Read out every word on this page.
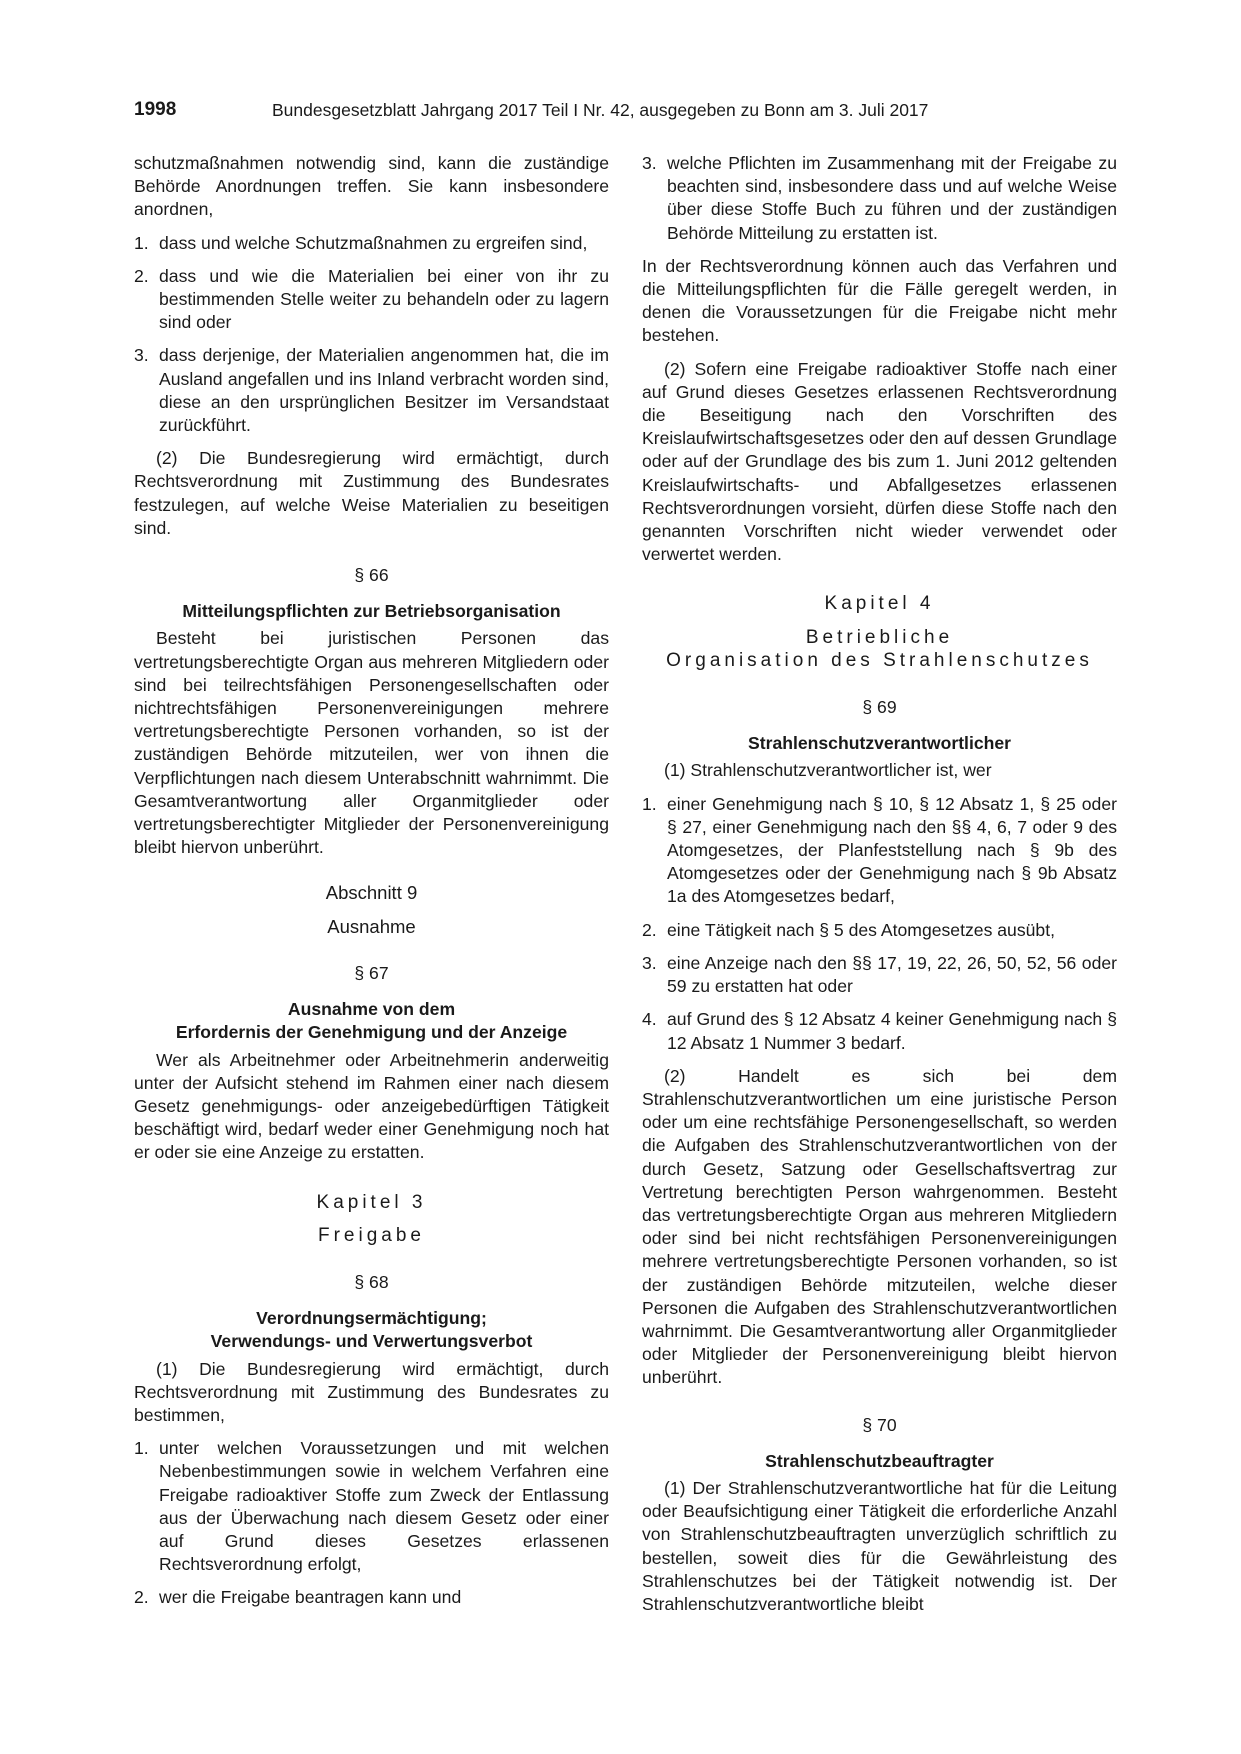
1998	Bundesgesetzblatt Jahrgang 2017 Teil I Nr. 42, ausgegeben zu Bonn am 3. Juli 2017

schutzmaßnahmen notwendig sind, kann die zuständige Behörde Anordnungen treffen. Sie kann insbesondere anordnen,

1. dass und welche Schutzmaßnahmen zu ergreifen sind,
2. dass und wie die Materialien bei einer von ihr zu bestimmenden Stelle weiter zu behandeln oder zu lagern sind oder
3. dass derjenige, der Materialien angenommen hat, die im Ausland angefallen und ins Inland verbracht worden sind, diese an den ursprünglichen Besitzer im Versandstaat zurückführt.

(2) Die Bundesregierung wird ermächtigt, durch Rechtsverordnung mit Zustimmung des Bundesrates festzulegen, auf welche Weise Materialien zu beseitigen sind.

§ 66
Mitteilungspflichten zur Betriebsorganisation

Besteht bei juristischen Personen das vertretungsberechtigte Organ aus mehreren Mitgliedern oder sind bei teilrechtsfähigen Personengesellschaften oder nichtrechtsfähigen Personenvereinigungen mehrere vertretungsberechtigte Personen vorhanden, so ist der zuständigen Behörde mitzuteilen, wer von ihnen die Verpflichtungen nach diesem Unterabschnitt wahrnimmt. Die Gesamtverantwortung aller Organmitglieder oder vertretungsberechtigter Mitglieder der Personenvereinigung bleibt hiervon unberührt.

Abschnitt 9
Ausnahme
§ 67
Ausnahme von dem
Erfordernis der Genehmigung und der Anzeige

Wer als Arbeitnehmer oder Arbeitnehmerin anderweitig unter der Aufsicht stehend im Rahmen einer nach diesem Gesetz genehmigungs- oder anzeigebedürftigen Tätigkeit beschäftigt wird, bedarf weder einer Genehmigung noch hat er oder sie eine Anzeige zu erstatten.

Kapitel 3
Freigabe
§ 68
Verordnungsermächtigung;
Verwendungs- und Verwertungsverbot

(1) Die Bundesregierung wird ermächtigt, durch Rechtsverordnung mit Zustimmung des Bundesrates zu bestimmen,

1. unter welchen Voraussetzungen und mit welchen Nebenbestimmungen sowie in welchem Verfahren eine Freigabe radioaktiver Stoffe zum Zweck der Entlassung aus der Überwachung nach diesem Gesetz oder einer auf Grund dieses Gesetzes erlassenen Rechtsverordnung erfolgt,
2. wer die Freigabe beantragen kann und
3. welche Pflichten im Zusammenhang mit der Freigabe zu beachten sind, insbesondere dass und auf welche Weise über diese Stoffe Buch zu führen und der zuständigen Behörde Mitteilung zu erstatten ist.

In der Rechtsverordnung können auch das Verfahren und die Mitteilungspflichten für die Fälle geregelt werden, in denen die Voraussetzungen für die Freigabe nicht mehr bestehen.

(2) Sofern eine Freigabe radioaktiver Stoffe nach einer auf Grund dieses Gesetzes erlassenen Rechtsverordnung die Beseitigung nach den Vorschriften des Kreislaufwirtschaftsgesetzes oder den auf dessen Grundlage oder auf der Grundlage des bis zum 1. Juni 2012 geltenden Kreislaufwirtschafts- und Abfallgesetzes erlassenen Rechtsverordnungen vorsieht, dürfen diese Stoffe nach den genannten Vorschriften nicht wieder verwendet oder verwertet werden.

Kapitel 4
Betriebliche
Organisation des Strahlenschutzes
§ 69
Strahlenschutzverantwortlicher

(1) Strahlenschutzverantwortlicher ist, wer

1. einer Genehmigung nach § 10, § 12 Absatz 1, § 25 oder § 27, einer Genehmigung nach den §§ 4, 6, 7 oder 9 des Atomgesetzes, der Planfeststellung nach § 9b des Atomgesetzes oder der Genehmigung nach § 9b Absatz 1a des Atomgesetzes bedarf,
2. eine Tätigkeit nach § 5 des Atomgesetzes ausübt,
3. eine Anzeige nach den §§ 17, 19, 22, 26, 50, 52, 56 oder 59 zu erstatten hat oder
4. auf Grund des § 12 Absatz 4 keiner Genehmigung nach § 12 Absatz 1 Nummer 3 bedarf.

(2) Handelt es sich bei dem Strahlenschutzverantwortlichen um eine juristische Person oder um eine rechtsfähige Personengesellschaft, so werden die Aufgaben des Strahlenschutzverantwortlichen von der durch Gesetz, Satzung oder Gesellschaftsvertrag zur Vertretung berechtigten Person wahrgenommen. Besteht das vertretungsberechtigte Organ aus mehreren Mitgliedern oder sind bei nicht rechtsfähigen Personenvereinigungen mehrere vertretungsberechtigte Personen vorhanden, so ist der zuständigen Behörde mitzuteilen, welche dieser Personen die Aufgaben des Strahlenschutzverantwortlichen wahrnimmt. Die Gesamtverantwortung aller Organmitglieder oder Mitglieder der Personenvereinigung bleibt hiervon unberührt.

§ 70
Strahlenschutzbeauftragter

(1) Der Strahlenschutzverantwortliche hat für die Leitung oder Beaufsichtigung einer Tätigkeit die erforderliche Anzahl von Strahlenschutzbeauftragten unverzüglich schriftlich zu bestellen, soweit dies für die Gewährleistung des Strahlenschutzes bei der Tätigkeit notwendig ist. Der Strahlenschutzverantwortliche bleibt
